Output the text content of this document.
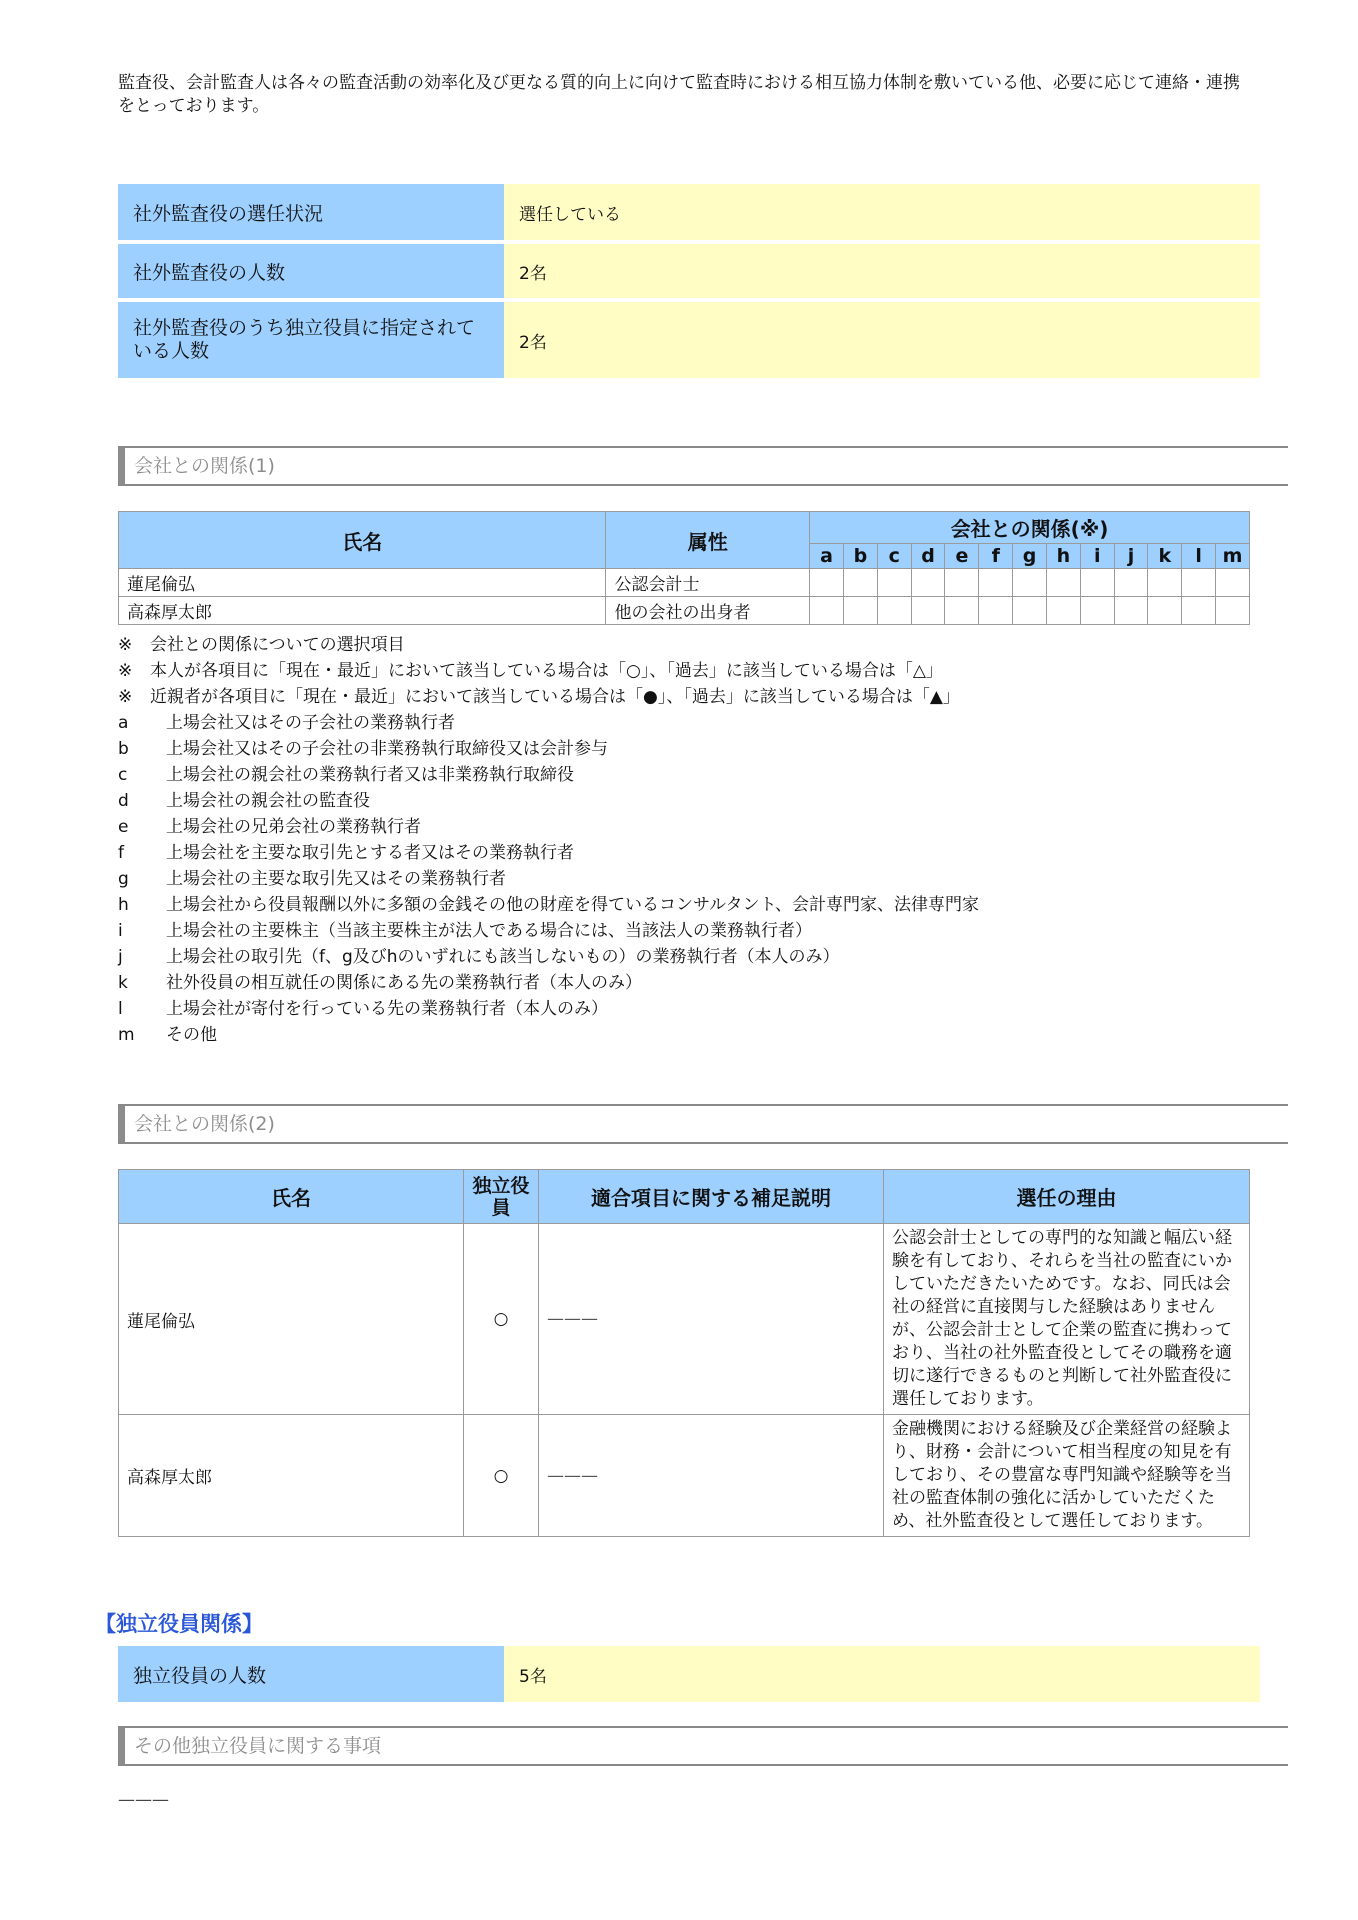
監査役、会計監査人は各々の監査活動の効率化及び更なる質的向上に向けて監査時における相互協力体制を敷いている他、必要に応じて連絡・連携をとっております。
社外監査役の選任状況	選任している
社外監査役の人数	2名
社外監査役のうち独立役員に指定されている人数	2名
会社との関係(1)
氏名	属性	会社との関係(※)												
		a	b	c	d	e	f	g	h	i	j	k	l	m
蓮尾倫弘	公認会計士													
高森厚太郎	他の会社の出身者													
※	会社との関係についての選択項目
※	本人が各項目に「現在・最近」において該当している場合は「○」、「過去」に該当している場合は「△」
※	近親者が各項目に「現在・最近」において該当している場合は「●」、「過去」に該当している場合は「▲」
a	上場会社又はその子会社の業務執行者
b	上場会社又はその子会社の非業務執行取締役又は会計参与
c	上場会社の親会社の業務執行者又は非業務執行取締役
d	上場会社の親会社の監査役
e	上場会社の兄弟会社の業務執行者
f	上場会社を主要な取引先とする者又はその業務執行者
g	上場会社の主要な取引先又はその業務執行者
h	上場会社から役員報酬以外に多額の金銭その他の財産を得ているコンサルタント、会計専門家、法律専門家
i	上場会社の主要株主（当該主要株主が法人である場合には、当該法人の業務執行者）
j	上場会社の取引先（f、g及びhのいずれにも該当しないもの）の業務執行者（本人のみ）
k	社外役員の相互就任の関係にある先の業務執行者（本人のみ）
l	上場会社が寄付を行っている先の業務執行者（本人のみ）
m	その他
会社との関係(2)
氏名	独立役員	適合項目に関する補足説明	選任の理由
蓮尾倫弘	○	———	公認会計士としての専門的な知識と幅広い経験を有しており、それらを当社の監査にいかしていただきたいためです。なお、同氏は会社の経営に直接関与した経験はありませんが、公認会計士として企業の監査に携わっており、当社の社外監査役としてその職務を適切に遂行できるものと判断して社外監査役に選任しております。
高森厚太郎	○	———	金融機関における経験及び企業経営の経験より、財務・会計について相当程度の知見を有しており、その豊富な専門知識や経験等を当社の監査体制の強化に活かしていただくため、社外監査役として選任しております。
【独立役員関係】
独立役員の人数	5名
その他独立役員に関する事項
———
